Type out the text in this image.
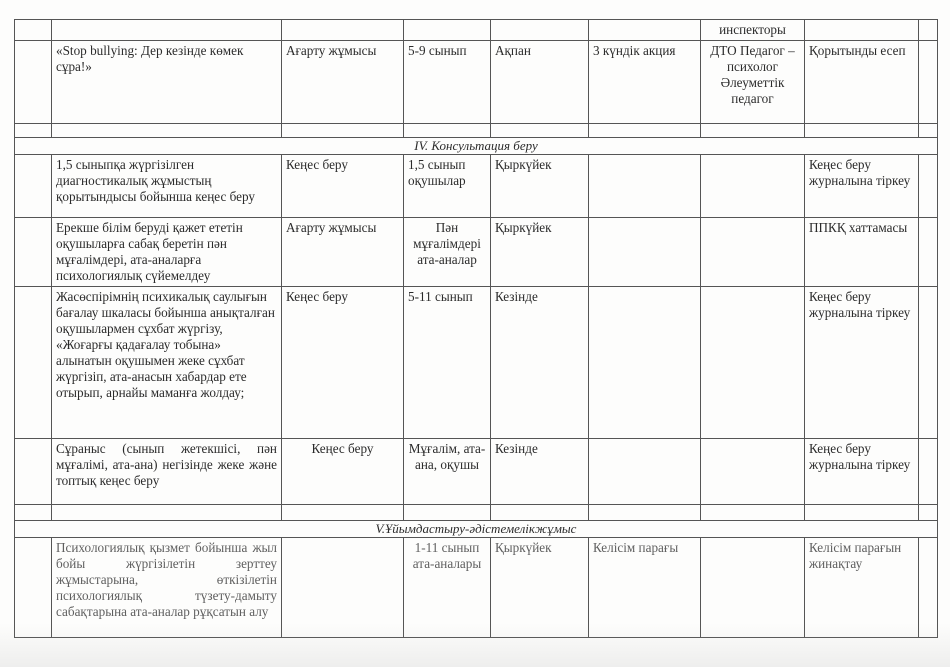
						инспекторы		
	«Stop bullying: Дер кезінде көмек сұра!»	Ағарту жұмысы	5-9 сынып	Ақпан	3 күндік акция	ДТО Педагог – психолог Әлеуметтік педагог	Қорытынды есеп	

IV. Консультация беру								
	1,5 сыныпқа жүргізілген диагностикалық жұмыстың қорытындысы бойынша кеңес беру	Кеңес беру	1,5 сынып оқушылар	Қыркүйек			Кеңес беру журналына тіркеу	
	Ерекше білім беруді қажет ететін оқушыларға сабақ беретін пән мұғалімдері, ата-аналарға психологиялық сүйемелдеу	Ағарту жұмысы	Пән мұғалімдері ата-аналар	Қыркүйек			ППКҚ хаттамасы	
	Жасөспірімнің психикалық саулығын бағалау шкаласы бойынша анықталған оқушылармен сұхбат жүргізу, «Жоғарғы қадағалау тобына» алынатын оқушымен жеке сұхбат жүргізіп, ата-анасын хабардар ете отырып, арнайы маманға жолдау;	Кеңес беру	5-11 сынып	Кезінде			Кеңес беру журналына тіркеу	
	Сұраныс (сынып жетекшісі, пән мұғалімі, ата-ана) негізінде жеке және топтық кеңес беру	Кеңес беру	Мұғалім, ата-ана, оқушы	Кезінде			Кеңес беру журналына тіркеу	

V.Ұйымдастыру-әдістемелікжұмыс								
	Психологиялық қызмет бойынша жыл бойы жүргізілетін зерттеу жұмыстарына, өткізілетін психологиялық түзету-дамыту сабақтарына ата-аналар рұқсатын алу		1-11 сынып ата-аналары	Қыркүйек	Келісім парағы		Келісім парағын жинақтау	
